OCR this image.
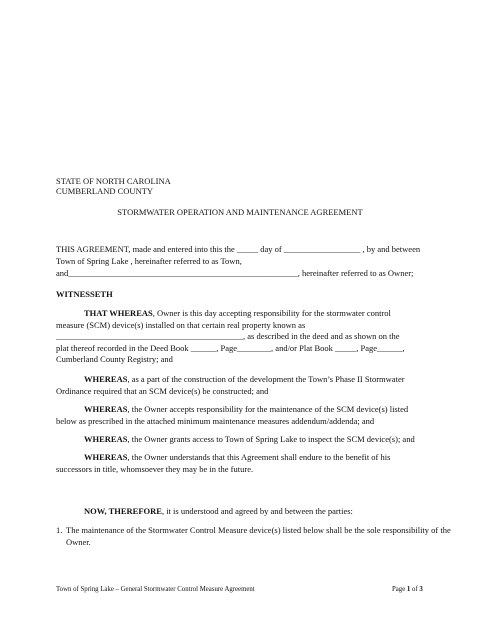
STATE OF NORTH CAROLINA
CUMBERLAND COUNTY
STORMWATER OPERATION AND MAINTENANCE AGREEMENT
THIS AGREEMENT, made and entered into this the _____ day of __________________ , by and between
Town of Spring Lake , hereinafter referred to as Town,
and______________________________________________________, hereinafter referred to as Owner;
WITNESSETH
THAT WHEREAS, Owner is this day accepting responsibility for the stormwater control
measure (SCM) device(s) installed on that certain real property known as
____________________________________________, as described in the deed and as shown on the
plat thereof recorded in the Deed Book ______, Page________, and/or Plat Book _____, Page______,
Cumberland County Registry; and
WHEREAS, as a part of the construction of the development the Town’s Phase II Stormwater
Ordinance required that an SCM device(s) be constructed; and
WHEREAS, the Owner accepts responsibility for the maintenance of the SCM device(s) listed
below as prescribed in the attached minimum maintenance measures addendum/addenda; and
WHEREAS, the Owner grants access to Town of Spring Lake to inspect the SCM device(s); and
WHEREAS, the Owner understands that this Agreement shall endure to the benefit of his
successors in title, whomsoever they may be in the future.
NOW, THEREFORE, it is understood and agreed by and between the parties:
1. The maintenance of the Stormwater Control Measure device(s) listed below shall be the sole responsibility of the
Owner.
Town of Spring Lake – General Stormwater Control Measure Agreement	Page 1 of 3
